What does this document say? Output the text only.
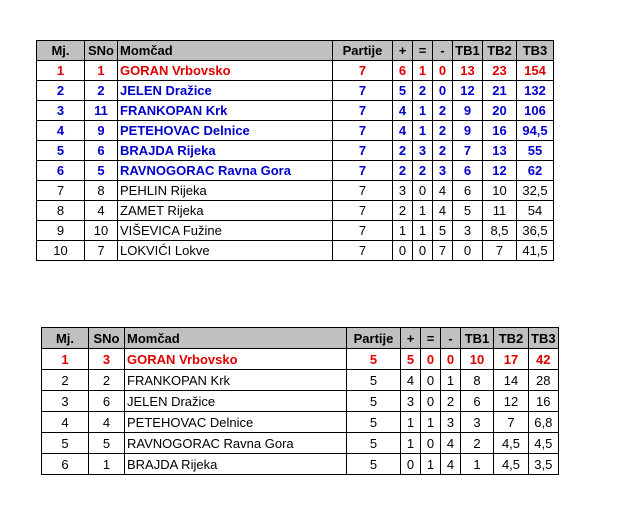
Mj.	SNo	Momčad	Partije	+	=	-	TB1	TB2	TB3
1	1	GORAN Vrbovsko	7	6	1	0	13	23	154
2	2	JELEN Dražice	7	5	2	0	12	21	132
3	11	FRANKOPAN Krk	7	4	1	2	9	20	106
4	9	PETEHOVAC Delnice	7	4	1	2	9	16	94,5
5	6	BRAJDA Rijeka	7	2	3	2	7	13	55
6	5	RAVNOGORAC Ravna Gora	7	2	2	3	6	12	62
7	8	PEHLIN Rijeka	7	3	0	4	6	10	32,5
8	4	ZAMET Rijeka	7	2	1	4	5	11	54
9	10	VIŠEVICA Fužine	7	1	1	5	3	8,5	36,5
10	7	LOKVIĆI Lokve	7	0	0	7	0	7	41,5
Mj.	SNo	Momčad	Partije	+	=	-	TB1	TB2	TB3
1	3	GORAN Vrbovsko	5	5	0	0	10	17	42
2	2	FRANKOPAN Krk	5	4	0	1	8	14	28
3	6	JELEN Dražice	5	3	0	2	6	12	16
4	4	PETEHOVAC Delnice	5	1	1	3	3	7	6,8
5	5	RAVNOGORAC Ravna Gora	5	1	0	4	2	4,5	4,5
6	1	BRAJDA Rijeka	5	0	1	4	1	4,5	3,5
